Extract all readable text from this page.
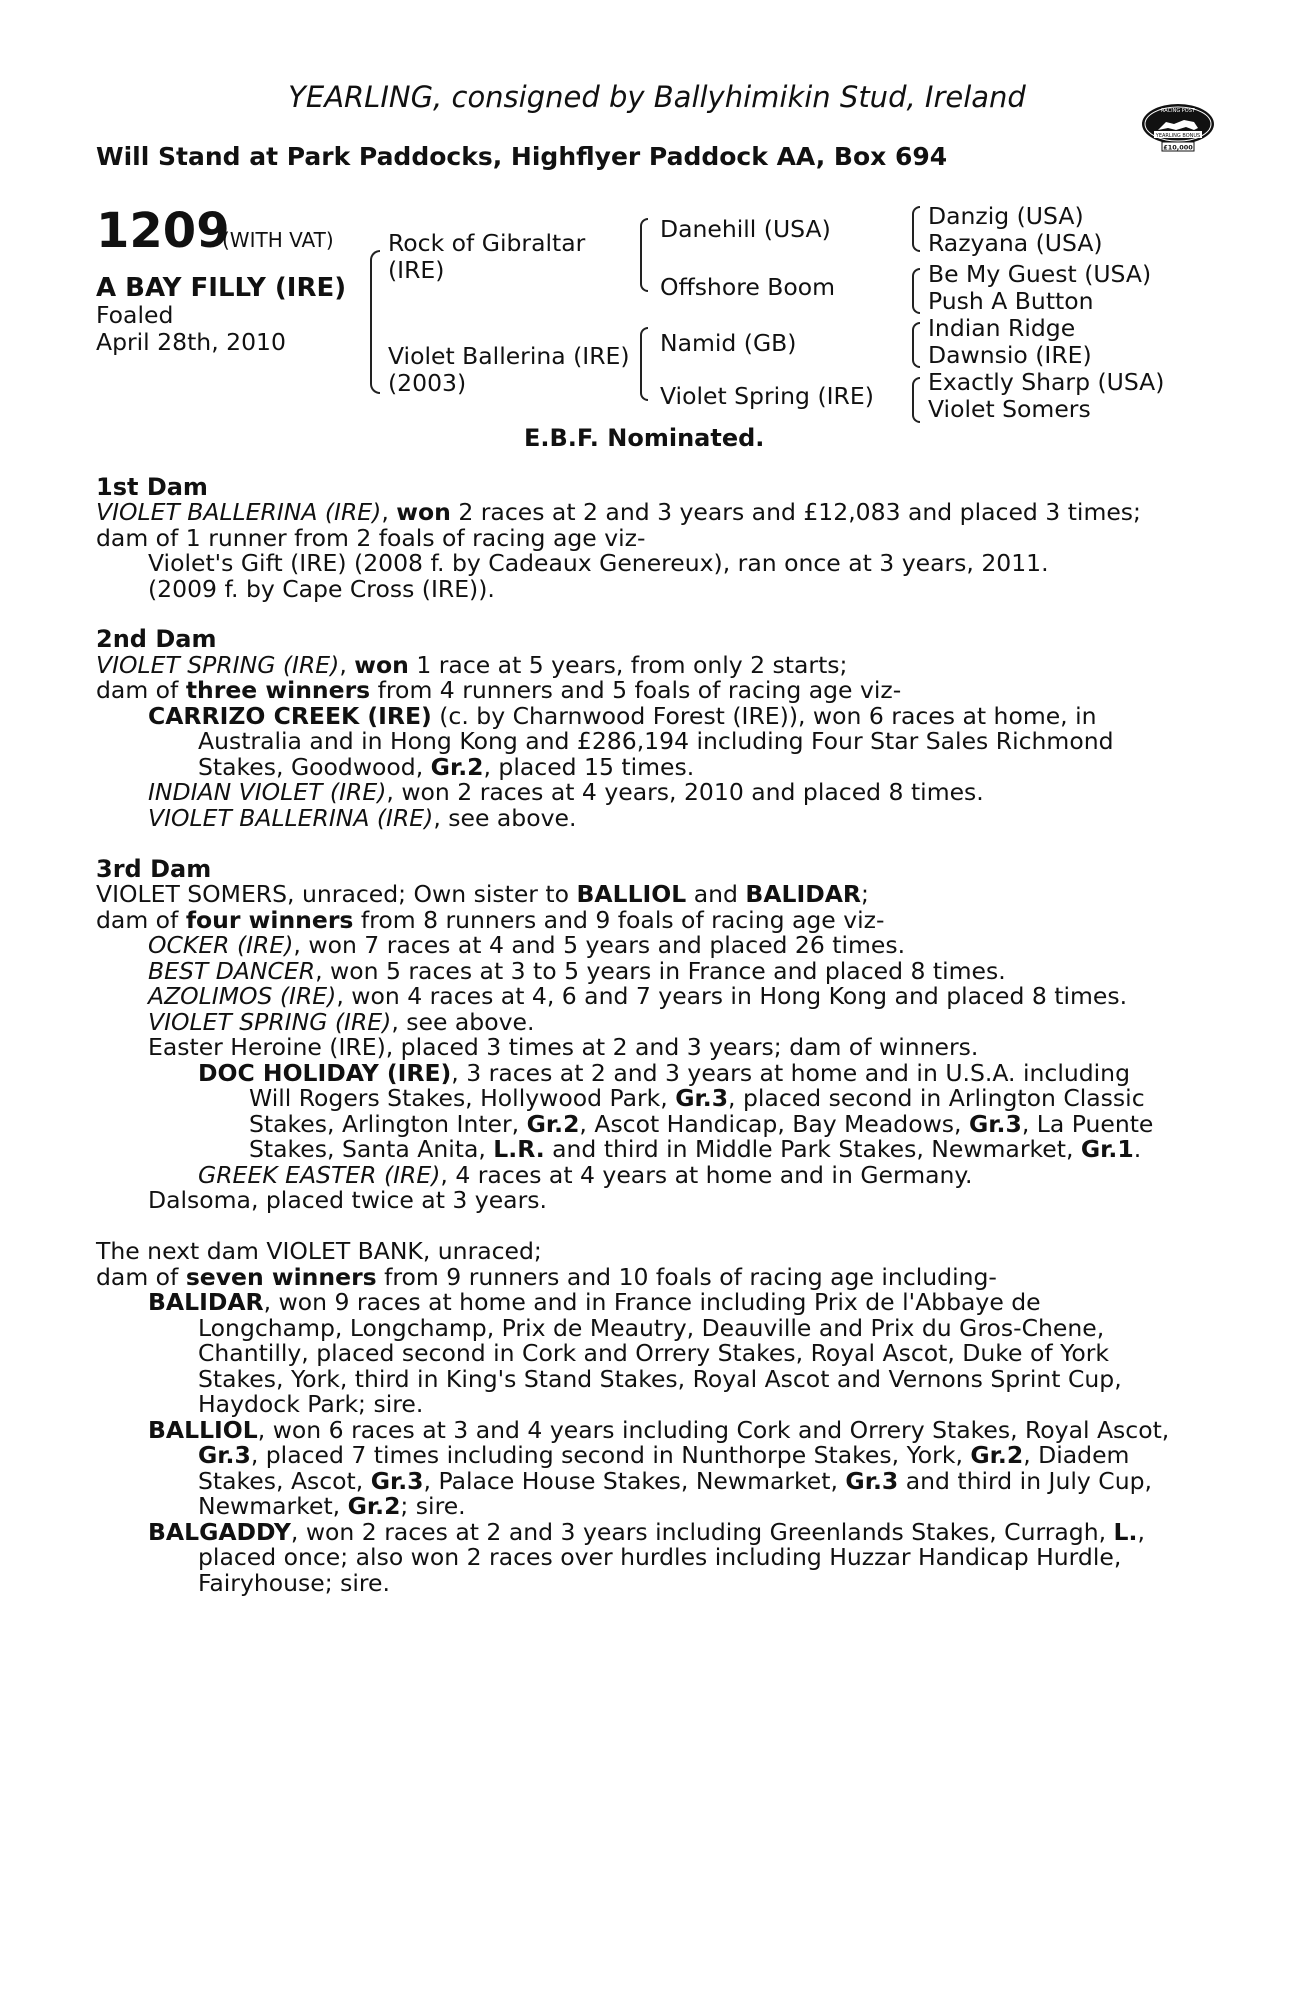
YEARLING, consigned by Ballyhimikin Stud, Ireland
Will Stand at Park Paddocks, Highflyer Paddock AA, Box 694
RACING POST
YEARLING BONUS
£10,000
1209
(WITH VAT)
A BAY FILLY (IRE)
Foaled
April 28th, 2010
Rock of Gibraltar
(IRE)
Violet Ballerina (IRE)
(2003)
Danehill (USA)
Offshore Boom
Namid (GB)
Violet Spring (IRE)
Danzig (USA)
Razyana (USA)
Be My Guest (USA)
Push A Button
Indian Ridge
Dawnsio (IRE)
Exactly Sharp (USA)
Violet Somers
E.B.F. Nominated.
1st Dam
VIOLET BALLERINA (IRE), won 2 races at 2 and 3 years and £12,083 and placed 3 times;
dam of 1 runner from 2 foals of racing age viz-
Violet's Gift (IRE) (2008 f. by Cadeaux Genereux), ran once at 3 years, 2011.
(2009 f. by Cape Cross (IRE)).
2nd Dam
VIOLET SPRING (IRE), won 1 race at 5 years, from only 2 starts;
dam of three winners from 4 runners and 5 foals of racing age viz-
CARRIZO CREEK (IRE) (c. by Charnwood Forest (IRE)), won 6 races at home, in
Australia and in Hong Kong and £286,194 including Four Star Sales Richmond
Stakes, Goodwood, Gr.2, placed 15 times.
INDIAN VIOLET (IRE), won 2 races at 4 years, 2010 and placed 8 times.
VIOLET BALLERINA (IRE), see above.
3rd Dam
VIOLET SOMERS, unraced; Own sister to BALLIOL and BALIDAR;
dam of four winners from 8 runners and 9 foals of racing age viz-
OCKER (IRE), won 7 races at 4 and 5 years and placed 26 times.
BEST DANCER, won 5 races at 3 to 5 years in France and placed 8 times.
AZOLIMOS (IRE), won 4 races at 4, 6 and 7 years in Hong Kong and placed 8 times.
VIOLET SPRING (IRE), see above.
Easter Heroine (IRE), placed 3 times at 2 and 3 years; dam of winners.
DOC HOLIDAY (IRE), 3 races at 2 and 3 years at home and in U.S.A. including
Will Rogers Stakes, Hollywood Park, Gr.3, placed second in Arlington Classic
Stakes, Arlington Inter, Gr.2, Ascot Handicap, Bay Meadows, Gr.3, La Puente
Stakes, Santa Anita, L.R. and third in Middle Park Stakes, Newmarket, Gr.1.
GREEK EASTER (IRE), 4 races at 4 years at home and in Germany.
Dalsoma, placed twice at 3 years.
The next dam VIOLET BANK, unraced;
dam of seven winners from 9 runners and 10 foals of racing age including-
BALIDAR, won 9 races at home and in France including Prix de l'Abbaye de
Longchamp, Longchamp, Prix de Meautry, Deauville and Prix du Gros-Chene,
Chantilly, placed second in Cork and Orrery Stakes, Royal Ascot, Duke of York
Stakes, York, third in King's Stand Stakes, Royal Ascot and Vernons Sprint Cup,
Haydock Park; sire.
BALLIOL, won 6 races at 3 and 4 years including Cork and Orrery Stakes, Royal Ascot,
Gr.3, placed 7 times including second in Nunthorpe Stakes, York, Gr.2, Diadem
Stakes, Ascot, Gr.3, Palace House Stakes, Newmarket, Gr.3 and third in July Cup,
Newmarket, Gr.2; sire.
BALGADDY, won 2 races at 2 and 3 years including Greenlands Stakes, Curragh, L.,
placed once; also won 2 races over hurdles including Huzzar Handicap Hurdle,
Fairyhouse; sire.
